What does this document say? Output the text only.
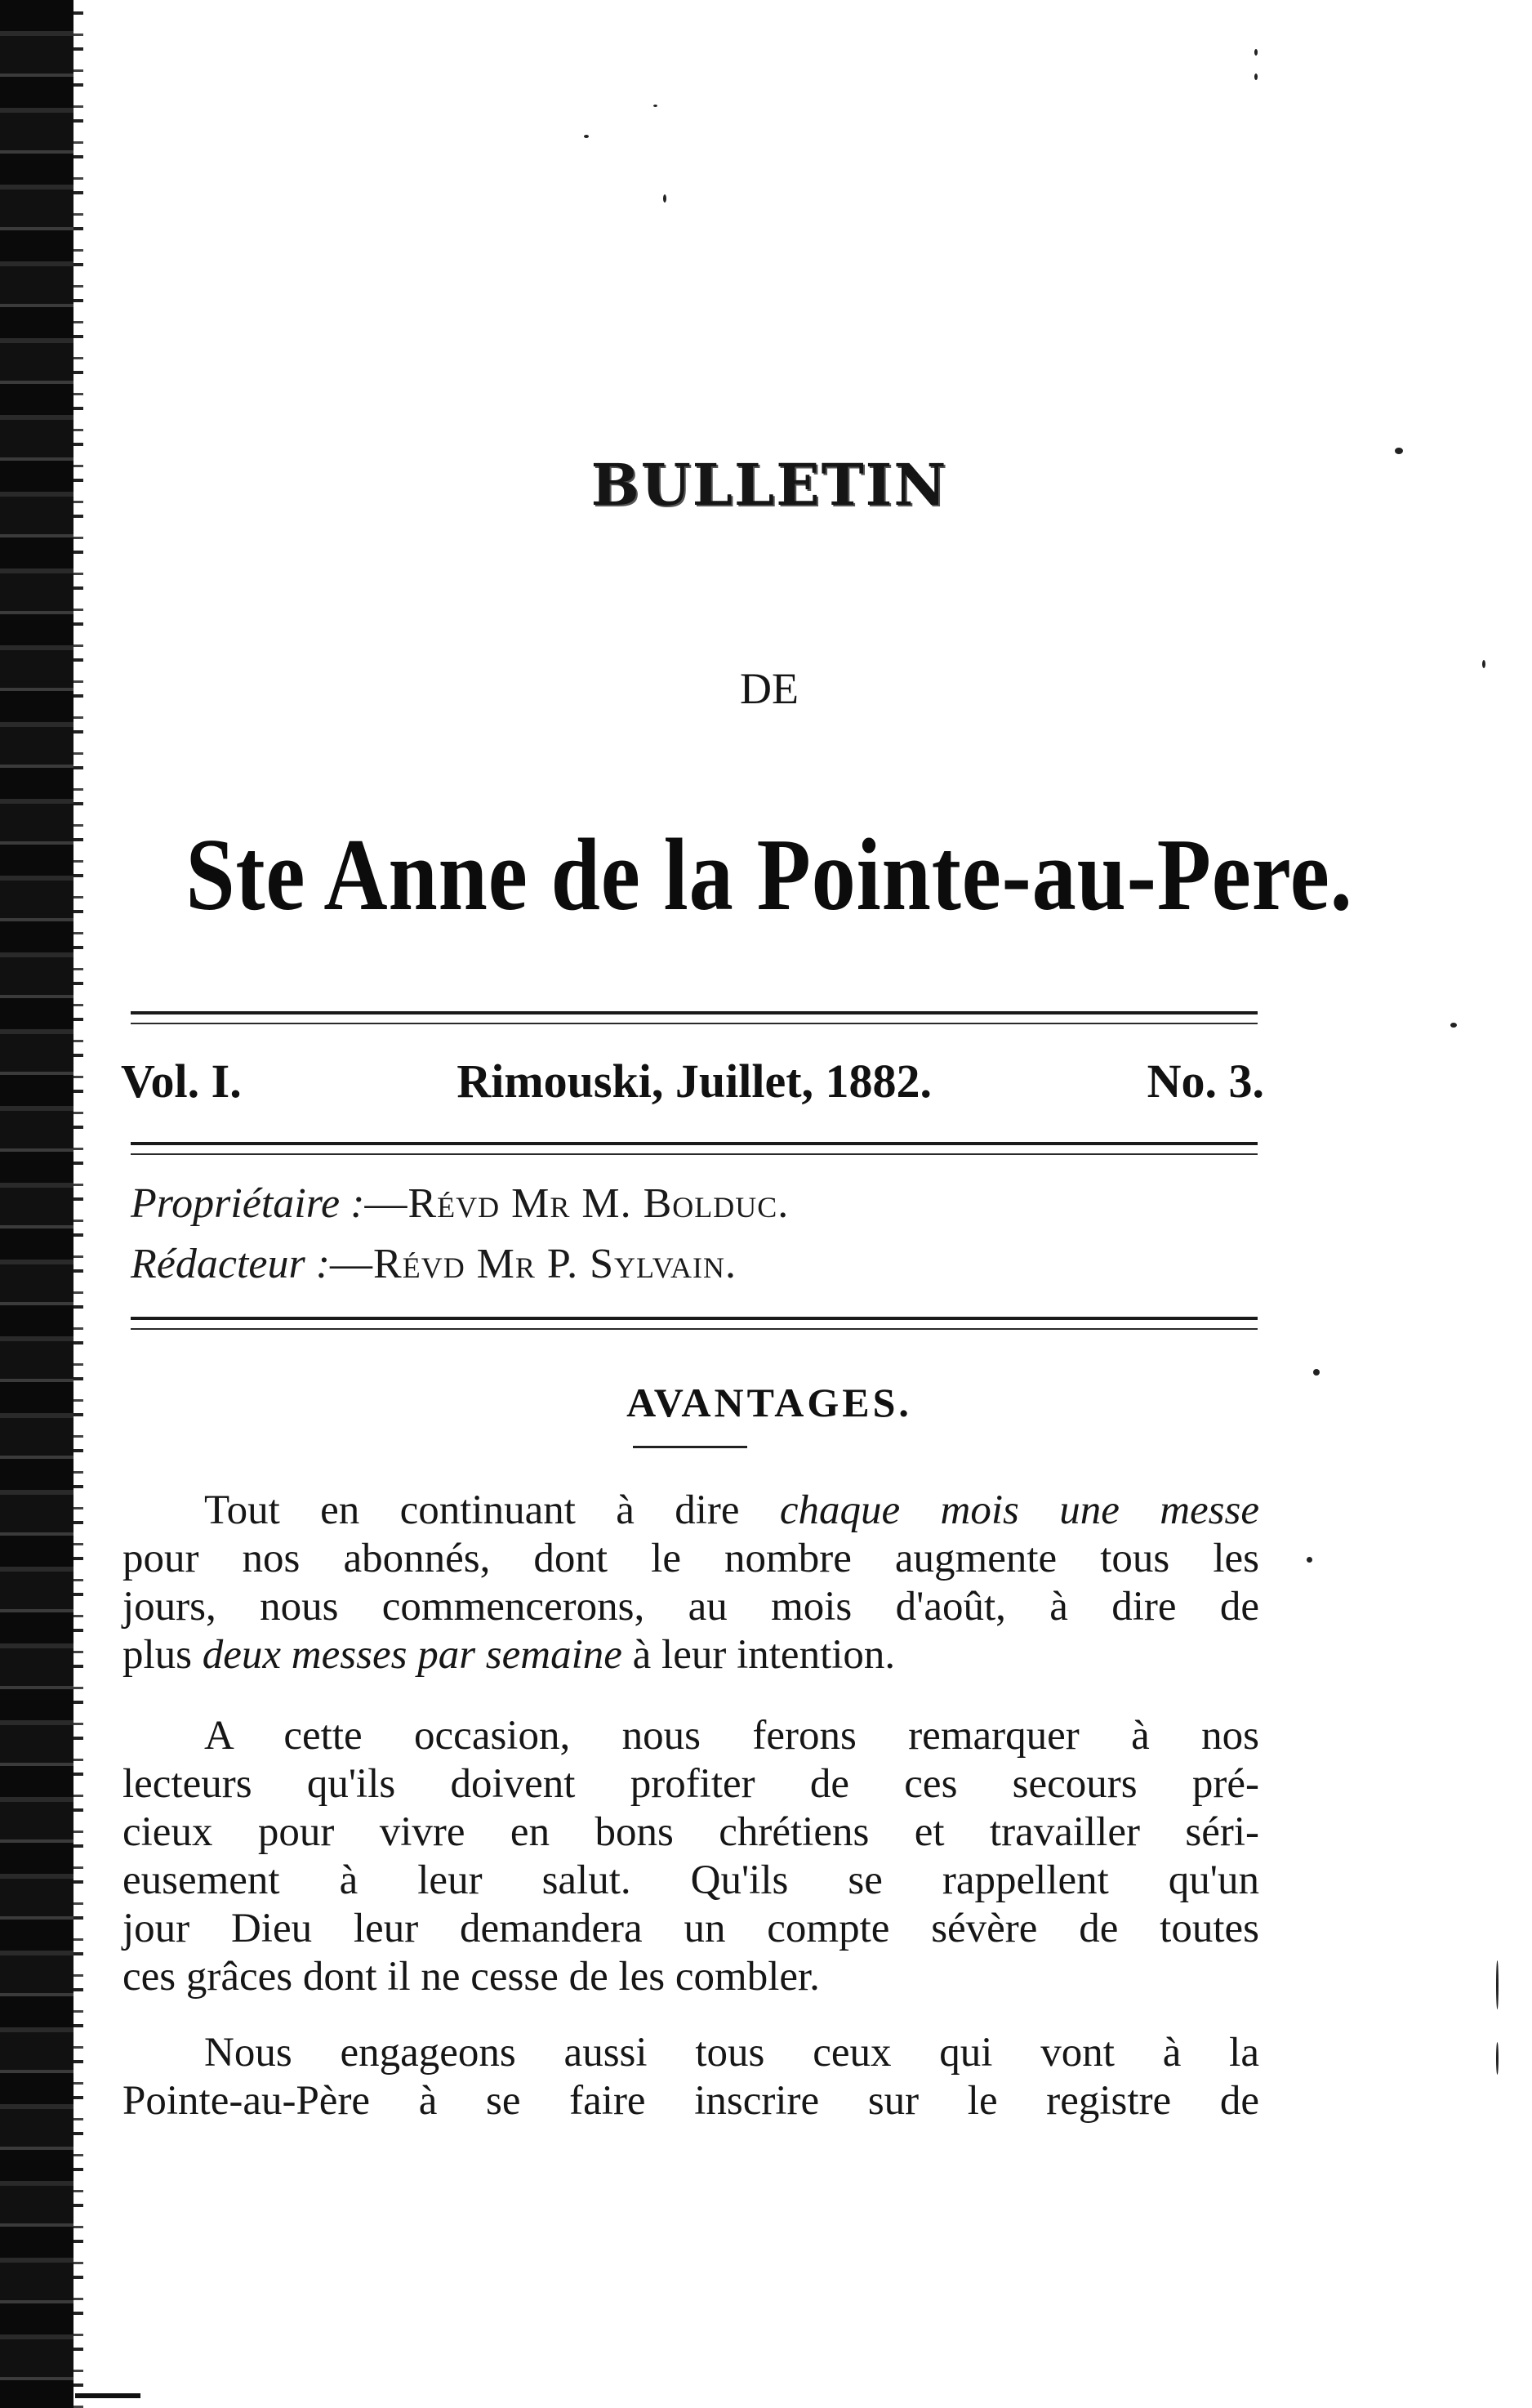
BULLETIN
DE
Ste Anne de la Pointe-au-Pere.
Vol. I.	Rimouski, Juillet, 1882.	No. 3.
Propriétaire :—Révd Mr M. Bolduc.
Rédacteur :—Révd Mr P. Sylvain.
AVANTAGES.
Tout en continuant à dire chaque mois une messe
pour nos abonnés, dont le nombre augmente tous les
jours, nous commencerons, au mois d'août, à dire de
plus deux messes par semaine à leur intention.
A cette occasion, nous ferons remarquer à nos
lecteurs qu'ils doivent profiter de ces secours pré-
cieux pour vivre en bons chrétiens et travailler séri-
eusement à leur salut. Qu'ils se rappellent qu'un
jour Dieu leur demandera un compte sévère de toutes
ces grâces dont il ne cesse de les combler.
Nous engageons aussi tous ceux qui vont à la
Pointe-au-Père à se faire inscrire sur le registre de
